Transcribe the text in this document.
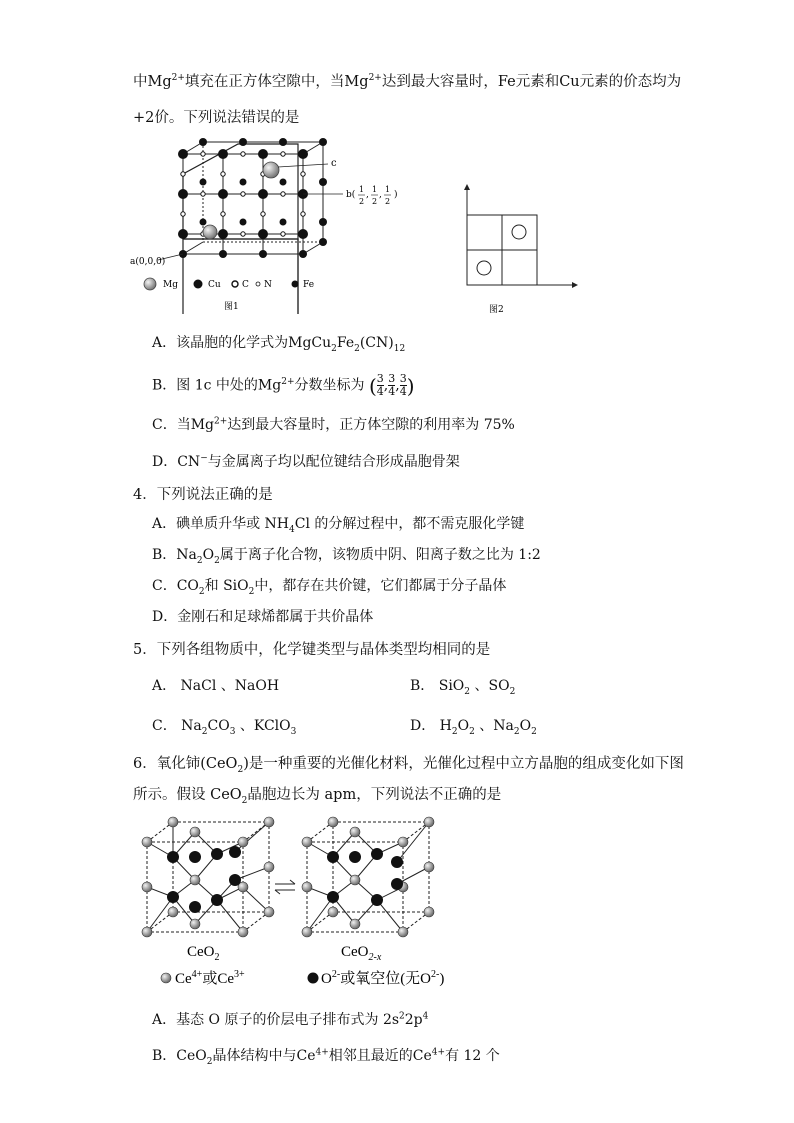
中$Mg^{2+}$填充在正方体空隙中，当$Mg^{2+}$达到最大容量时，Fe元素和Cu元素的价态均为
+2价。下列说法错误的是
c
b(
1
2
,
1
2
,
1
2
)
a(0,0,0)
Mg	Cu C N	Fe
图1	图2
A．该晶胞的化学式为$MgCu_2Fe_2(CN)_{12}$
B．图 1c 中处的$Mg^{2+}$分数坐标为 ( $\frac{3}{4}$ , $\frac{3}{4}$ , $\frac{3}{4}$ )
C．当$Mg^{2+}$达到最大容量时，正方体空隙的利用率为 75%
D．CN−与金属离子均以配位键结合形成晶胞骨架
4．下列说法正确的是
A．碘单质升华或 $NH_4Cl$ 的分解过程中，都不需克服化学键
B．$Na_2O_2$属于离子化合物，该物质中阴、阳离子数之比为 1:2
C．$CO_2$和 SiO$_2$中，都存在共价键，它们都属于分子晶体
D．金刚石和足球烯都属于共价晶体
5．下列各组物质中，化学键类型与晶体类型均相同的是
A． NaCl 、NaOH	B． SiO$_2$ 、$SO_2$
C． $Na_2CO_3$ 、KClO$_3$	D． $H_2O_2$ 、$Na_2O_2$
6．氧化铈(CeO$_2$)是一种重要的光催化材料，光催化过程中立方晶胞的组成变化如下图
所示。假设 CeO$_2$晶胞边长为 apm，下列说法不正确的是
CeO$_2$	CeO$_{2-x}$
$Ce^{4+}$或$Ce^{3+}$	$O^{2-}$或氧空位(无$O^{2-}$)
A．基态 O 原子的价层电子排布式为 $2s^22p^4$
B．CeO$_2$晶体结构中与$Ce^{4+}$相邻且最近的$Ce^{4+}$有 12 个
